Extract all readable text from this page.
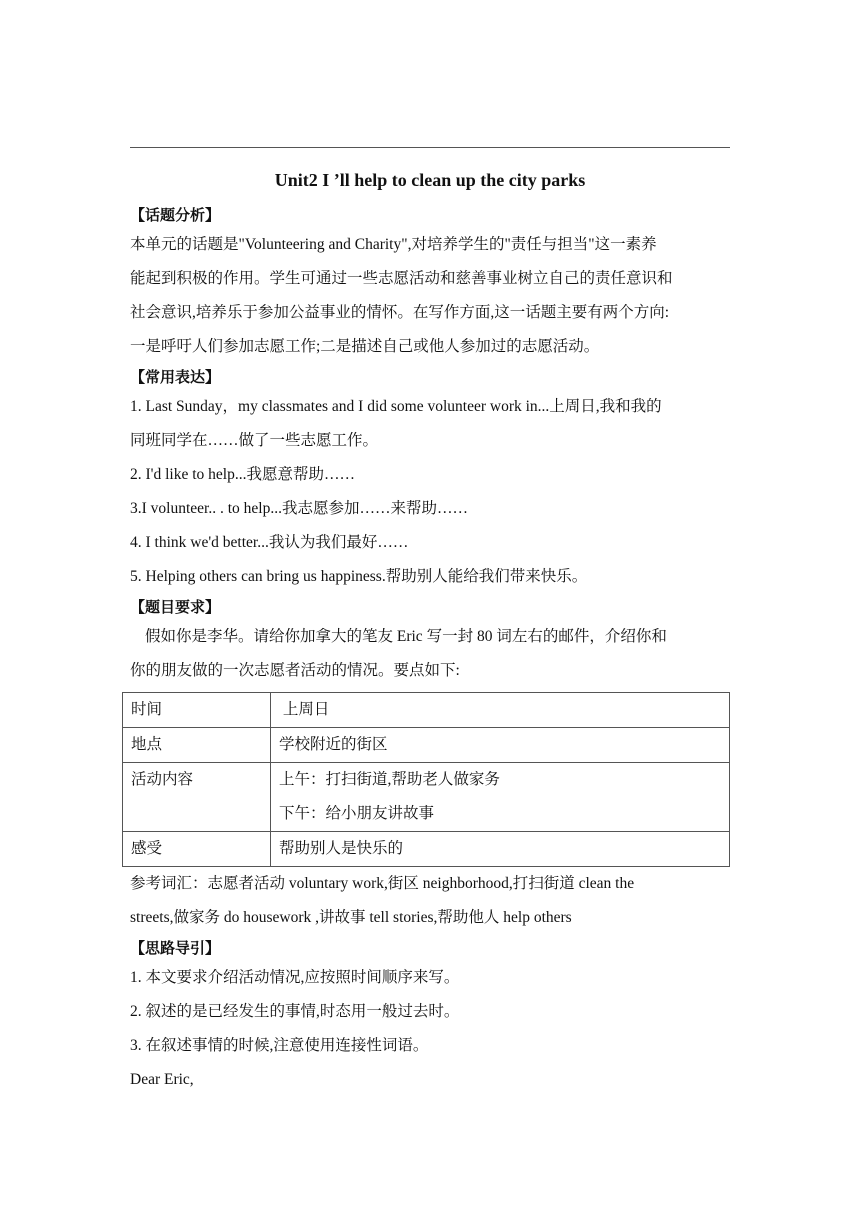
Unit2 I ’ll help to clean up the city parks
【话题分析】
本单元的话题是"Volunteering and Charity",对培养学生的"责任与担当"这一素养
能起到积极的作用。学生可通过一些志愿活动和慈善事业树立自己的责任意识和
社会意识,培养乐于参加公益事业的情怀。在写作方面,这一话题主要有两个方向:
一是呼吁人们参加志愿工作;二是描述自己或他人参加过的志愿活动。
【常用表达】
1. Last Sunday，my classmates and I did some volunteer work in...上周日,我和我的
同班同学在……做了一些志愿工作。
2. I'd like to help...我愿意帮助……
3.I volunteer.. . to help...我志愿参加……来帮助……
4. I think we'd better...我认为我们最好……
5. Helping others can bring us happiness.帮助别人能给我们带来快乐。
【题目要求】
假如你是李华。请给你加拿大的笔友 Eric 写一封 80 词左右的邮件，介绍你和
你的朋友做的一次志愿者活动的情况。要点如下:
时间	上周日
地点	学校附近的街区
活动内容	上午：打扫街道,帮助老人做家务
下午：给小朋友讲故事

感受	帮助别人是快乐的
参考词汇：志愿者活动 voluntary work,街区 neighborhood,打扫街道 clean the
streets,做家务 do housework ,讲故事 tell stories,帮助他人 help others
【思路导引】
1. 本文要求介绍活动情况,应按照时间顺序来写。
2. 叙述的是已经发生的事情,时态用一般过去时。
3. 在叙述事情的时候,注意使用连接性词语。
Dear Eric,
